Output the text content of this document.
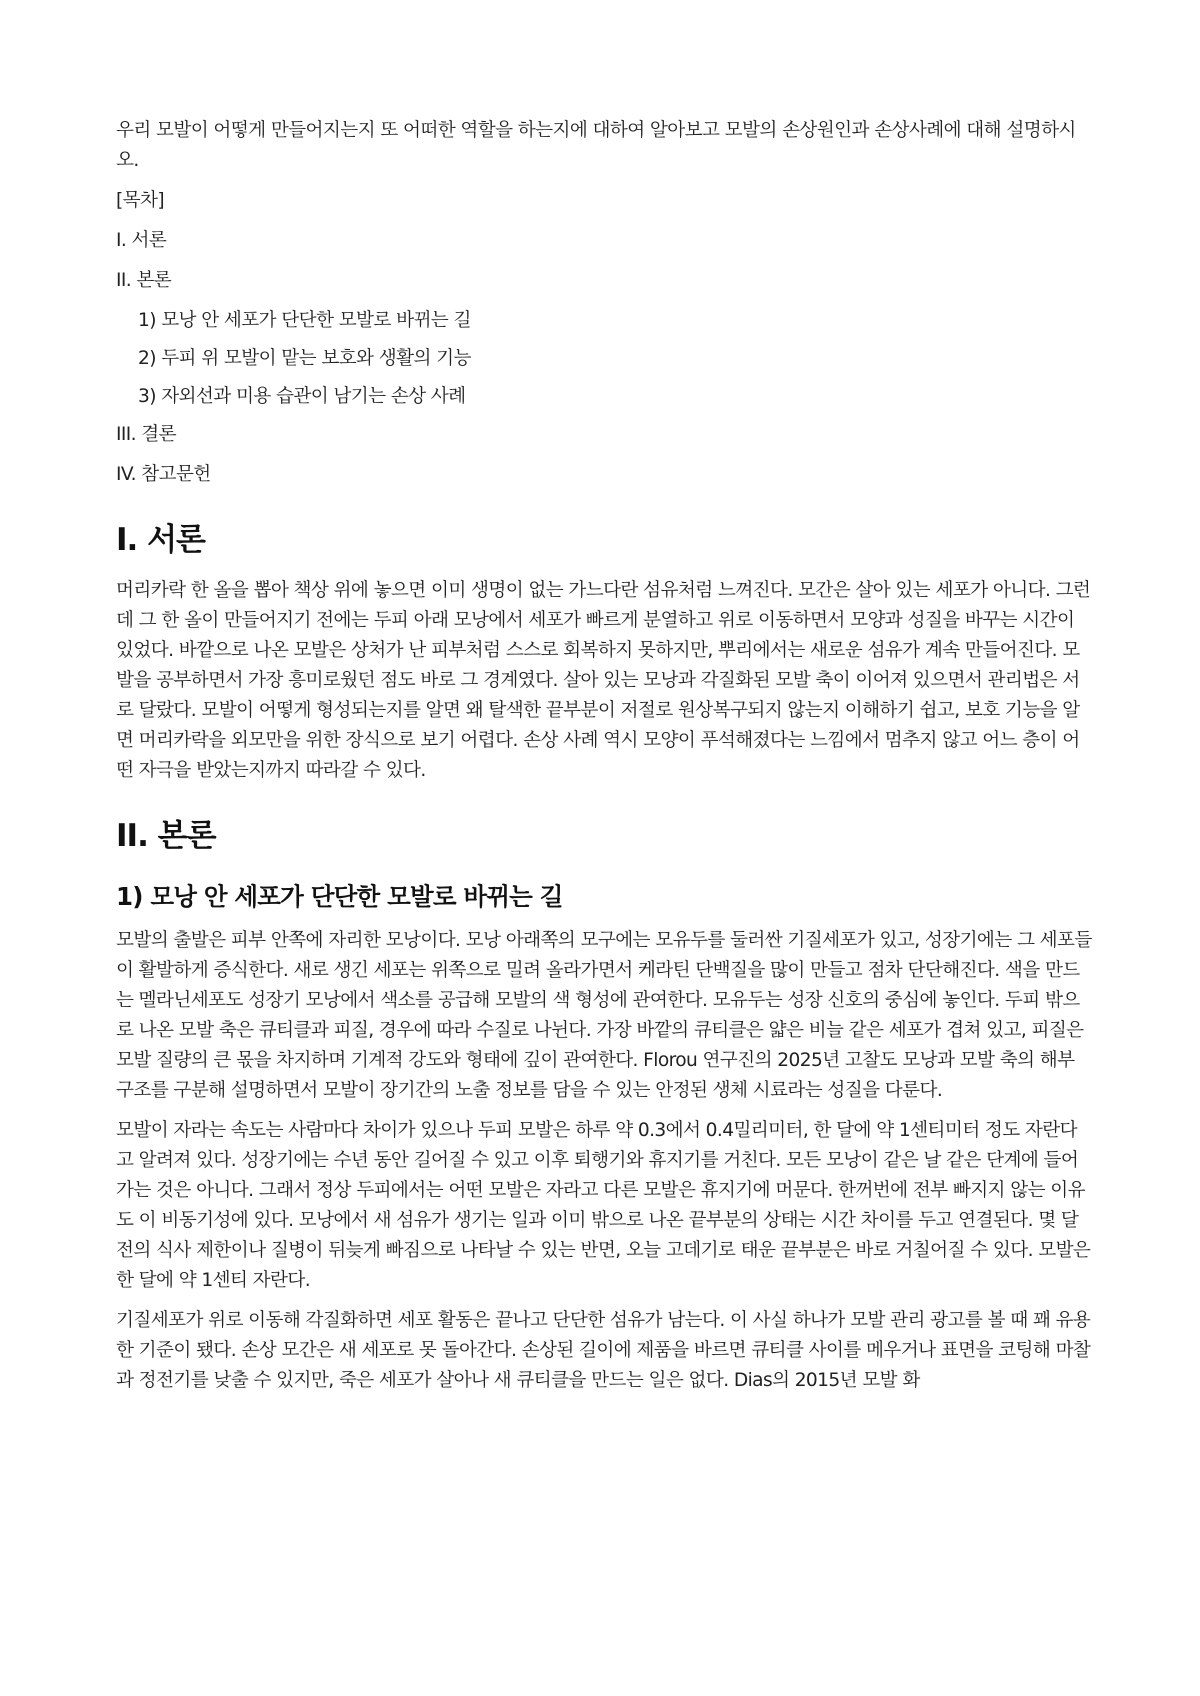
우리 모발이 어떻게 만들어지는지 또 어떠한 역할을 하는지에 대하여 알아보고 모발의 손상원인과 손상사례에 대해 설명하시오.

[목차]

I. 서론
II. 본론
1) 모낭 안 세포가 단단한 모발로 바뀌는 길
2) 두피 위 모발이 맡는 보호와 생활의 기능
3) 자외선과 미용 습관이 남기는 손상 사례
III. 결론
IV. 참고문헌
I. 서론

머리카락 한 올을 뽑아 책상 위에 놓으면 이미 생명이 없는 가느다란 섬유처럼 느껴진다. 모간은 살아 있는 세포가 아니다. 그런데 그 한 올이 만들어지기 전에는 두피 아래 모낭에서 세포가 빠르게 분열하고 위로 이동하면서 모양과 성질을 바꾸는 시간이 있었다. 바깥으로 나온 모발은 상처가 난 피부처럼 스스로 회복하지 못하지만, 뿌리에서는 새로운 섬유가 계속 만들어진다. 모발을 공부하면서 가장 흥미로웠던 점도 바로 그 경계였다. 살아 있는 모낭과 각질화된 모발 축이 이어져 있으면서 관리법은 서로 달랐다. 모발이 어떻게 형성되는지를 알면 왜 탈색한 끝부분이 저절로 원상복구되지 않는지 이해하기 쉽고, 보호 기능을 알면 머리카락을 외모만을 위한 장식으로 보기 어렵다. 손상 사례 역시 모양이 푸석해졌다는 느낌에서 멈추지 않고 어느 층이 어떤 자극을 받았는지까지 따라갈 수 있다.

II. 본론
1) 모낭 안 세포가 단단한 모발로 바뀌는 길

모발의 출발은 피부 안쪽에 자리한 모낭이다. 모낭 아래쪽의 모구에는 모유두를 둘러싼 기질세포가 있고, 성장기에는 그 세포들이 활발하게 증식한다. 새로 생긴 세포는 위쪽으로 밀려 올라가면서 케라틴 단백질을 많이 만들고 점차 단단해진다. 색을 만드는 멜라닌세포도 성장기 모낭에서 색소를 공급해 모발의 색 형성에 관여한다. 모유두는 성장 신호의 중심에 놓인다. 두피 밖으로 나온 모발 축은 큐티클과 피질, 경우에 따라 수질로 나뉜다. 가장 바깥의 큐티클은 얇은 비늘 같은 세포가 겹쳐 있고, 피질은 모발 질량의 큰 몫을 차지하며 기계적 강도와 형태에 깊이 관여한다. Florou 연구진의 2025년 고찰도 모낭과 모발 축의 해부 구조를 구분해 설명하면서 모발이 장기간의 노출 정보를 담을 수 있는 안정된 생체 시료라는 성질을 다룬다.

모발이 자라는 속도는 사람마다 차이가 있으나 두피 모발은 하루 약 0.3에서 0.4밀리미터, 한 달에 약 1센티미터 정도 자란다고 알려져 있다. 성장기에는 수년 동안 길어질 수 있고 이후 퇴행기와 휴지기를 거친다. 모든 모낭이 같은 날 같은 단계에 들어가는 것은 아니다. 그래서 정상 두피에서는 어떤 모발은 자라고 다른 모발은 휴지기에 머문다. 한꺼번에 전부 빠지지 않는 이유도 이 비동기성에 있다. 모낭에서 새 섬유가 생기는 일과 이미 밖으로 나온 끝부분의 상태는 시간 차이를 두고 연결된다. 몇 달 전의 식사 제한이나 질병이 뒤늦게 빠짐으로 나타날 수 있는 반면, 오늘 고데기로 태운 끝부분은 바로 거칠어질 수 있다. 모발은 한 달에 약 1센티 자란다.

기질세포가 위로 이동해 각질화하면 세포 활동은 끝나고 단단한 섬유가 남는다. 이 사실 하나가 모발 관리 광고를 볼 때 꽤 유용한 기준이 됐다. 손상 모간은 새 세포로 못 돌아간다. 손상된 길이에 제품을 바르면 큐티클 사이를 메우거나 표면을 코팅해 마찰과 정전기를 낮출 수 있지만, 죽은 세포가 살아나 새 큐티클을 만드는 일은 없다. Dias의 2015년 모발 화
